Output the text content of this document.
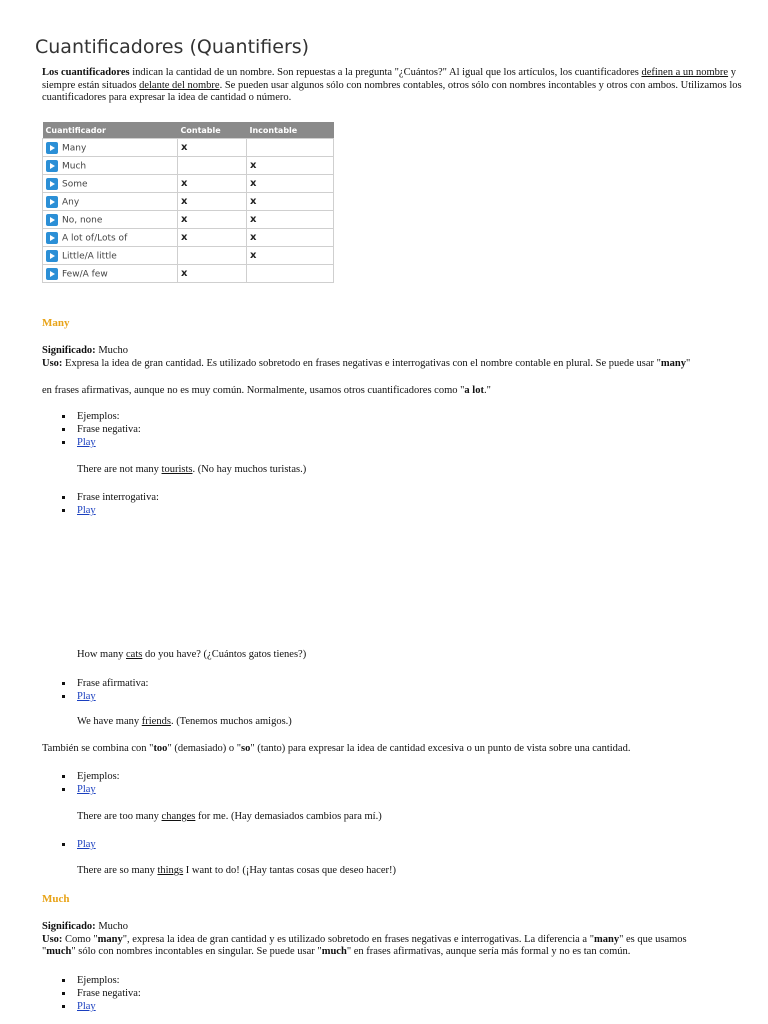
Cuantificadores (Quantifiers)
Los cuantificadores indican la cantidad de un nombre. Son repuestas a la pregunta "¿Cuántos?" Al igual que los artículos, los cuantificadores definen a un nombre y siempre están situados delante del nombre. Se pueden usar algunos sólo con nombres contables, otros sólo con nombres incontables y otros con ambos. Utilizamos los cuantificadores para expresar la idea de cantidad o número.
Cuantificador	Contable	Incontable
Many	x	
Much		x
Some	x	x
Any	x	x
No, none	x	x
A lot of/Lots of	x	x
Little/A little		x
Few/A few	x	
Many
Significado: Mucho
Uso: Expresa la idea de gran cantidad. Es utilizado sobretodo en frases negativas e interrogativas con el nombre contable en plural. Se puede usar "many"
en frases afirmativas, aunque no es muy común. Normalmente, usamos otros cuantificadores como "a lot."
Ejemplos:
Frase negativa:
Play
There are not many tourists. (No hay muchos turistas.)
Frase interrogativa:
Play
How many cats do you have? (¿Cuántos gatos tienes?)
Frase afirmativa:
Play
We have many friends. (Tenemos muchos amigos.)
También se combina con "too" (demasiado) o "so" (tanto) para expresar la idea de cantidad excesiva o un punto de vista sobre una cantidad.
Ejemplos:
Play
There are too many changes for me. (Hay demasiados cambios para mí.)
Play
There are so many things I want to do! (¡Hay tantas cosas que deseo hacer!)
Much
Significado: Mucho
Uso: Como "many", expresa la idea de gran cantidad y es utilizado sobretodo en frases negativas e interrogativas. La diferencia a "many" es que usamos
"much" sólo con nombres incontables en singular. Se puede usar "much" en frases afirmativas, aunque sería más formal y no es tan común.
Ejemplos:
Frase negativa:
Play
